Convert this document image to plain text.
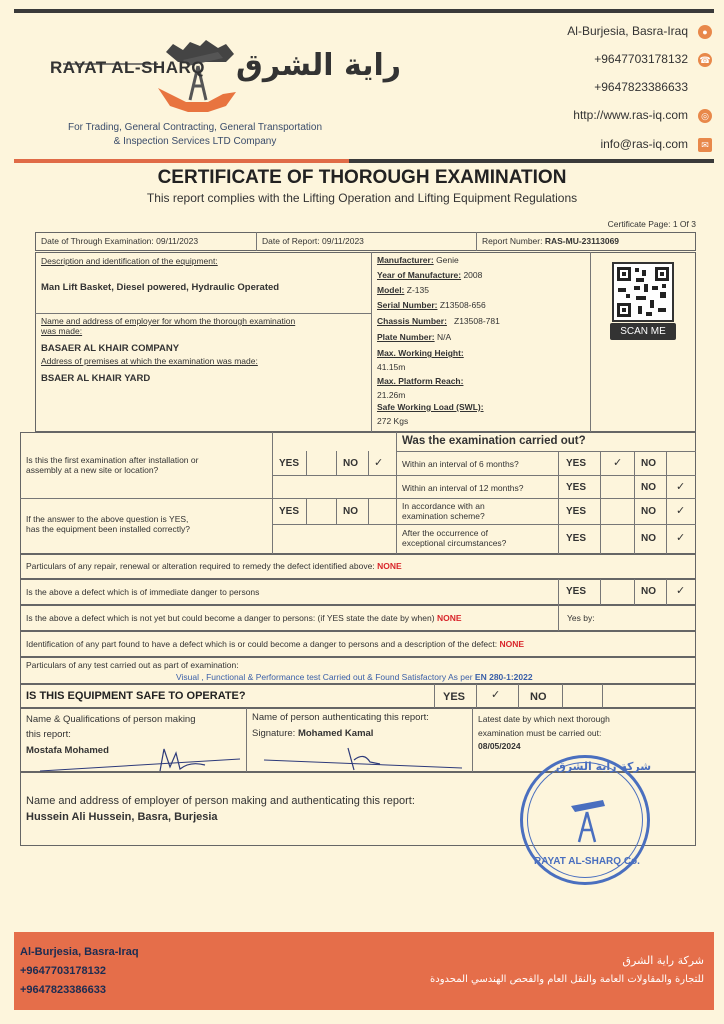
RAYAT AL-SHARQ راية الشرق
For Trading, General Contracting, General Transportation
& Inspection Services LTD Company
Al-Burjesia, Basra-Iraq	●
+9647703178132 ☎
+9647823386633
http://www.ras-iq.com	◎
info@ras-iq.com	✉
CERTIFICATE OF THOROUGH EXAMINATION
This report complies with the Lifting Operation and Lifting Equipment Regulations
Certificate Page: 1 Of 3
Date of Through Examination: 09/11/2023	Date of Report: 09/11/2023	Report Number: RAS-MU-23113069
Description and identification of the equipment:
Man Lift Basket, Diesel powered, Hydraulic Operated
Name and address of employer for whom the thorough examination
was made:
BASAER AL KHAIR COMPANY
Address of premises at which the examination was made:
BSAER AL KHAIR YARD
Manufacturer: Genie
Year of Manufacture: 2008
Model: Z-135
Serial Number: Z13508-656
Chassis Number: Z13508-781
Plate Number: N/A
Max. Working Height:
41.15m
Max. Platform Reach:
21.26m
Safe Working Load (SWL):
272 Kgs
SCAN ME
Is this the first examination after installation or
assembly at a new site or location?
YES	NO ✓
If the answer to the above question is YES,
has the equipment been installed correctly?
YES	NO
Was the examination carried out?
Within an interval of 6 months?	YES ✓ NO
Within an interval of 12 months?	YES	NO ✓
In accordance with an
examination scheme?	YES	NO ✓
After the occurrence of
exceptional circumstances?	YES	NO ✓
Particulars of any repair, renewal or alteration required to remedy the defect identified above: NONE
Is the above a defect which is of immediate danger to persons	YES	NO ✓
Is the above a defect which is not yet but could become a danger to persons: (if YES state the date by when) NONE	Yes by:
Identification of any part found to have a defect which is or could become a danger to persons and a description of the defect: NONE
Particulars of any test carried out as part of examination:
Visual , Functional & Performance test Carried out & Found Satisfactory As per EN 280-1:2022
IS THIS EQUIPMENT SAFE TO OPERATE?	YES ✓	NO
Name & Qualifications of person making
this report:
Mostafa Mohamed
Name of person authenticating this report:
Signature: Mohamed Kamal
Latest date by which next thorough
examination must be carried out:
08/05/2024
Name and address of employer of person making and authenticating this report:
Hussein Ali Hussein, Basra, Burjesia
شركة راية الشرق
RAYAT AL-SHARQ Co.
Al-Burjesia, Basra-Iraq
+9647703178132
+9647823386633
شركة راية الشرق
للتجارة والمقاولات العامة والنقل العام والفحص الهندسي المحدودة
